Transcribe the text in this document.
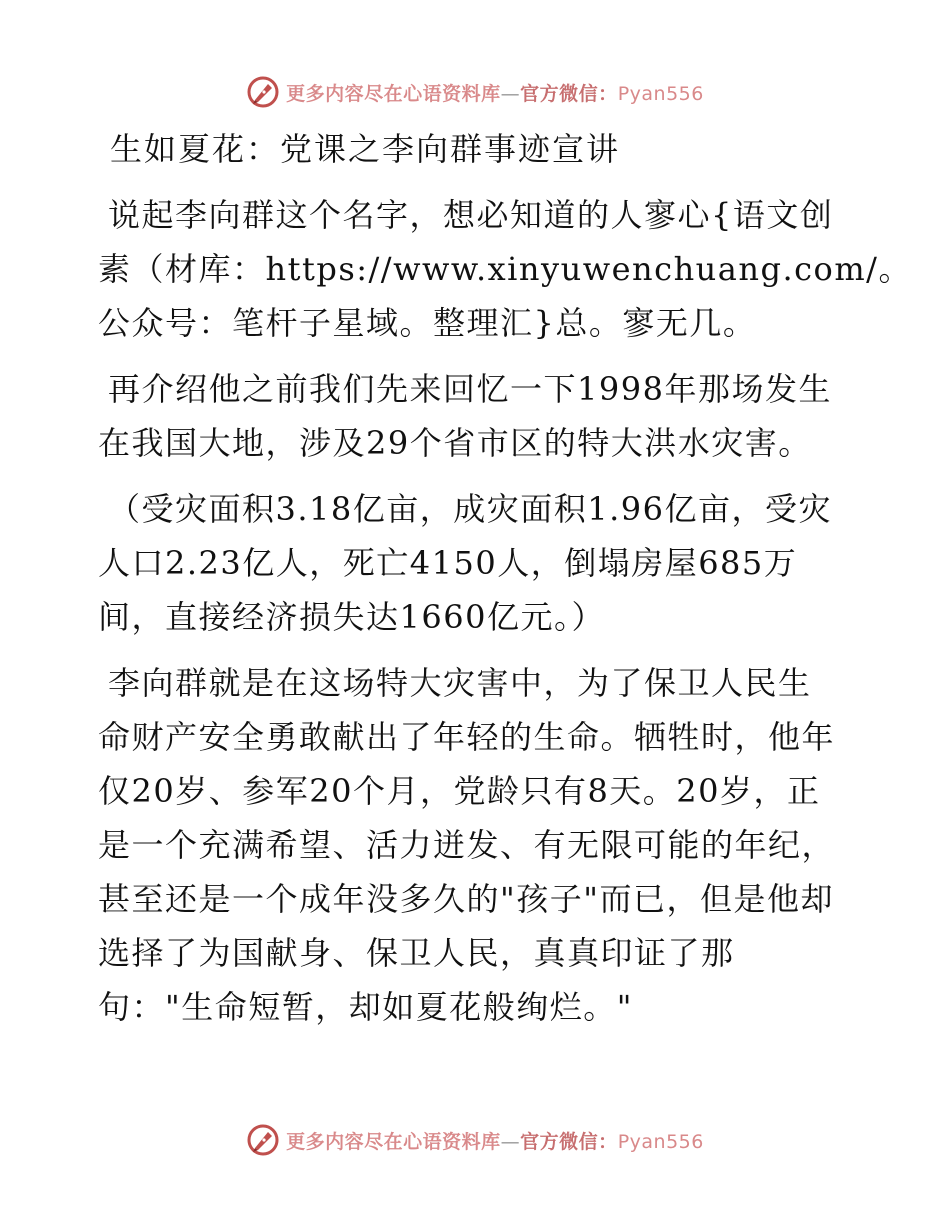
更多内容尽在心语资料库—官方微信：Pyan556
生如夏花：党课之李向群事迹宣讲
说起李向群这个名字，想必知道的人寥心{语文创
素（材库：https://www.xinyuwenchuang.com/。
公众号：笔杆子星域。整理汇}总。寥无几。
再介绍他之前我们先来回忆一下1998年那场发生
在我国大地，涉及29个省市区的特大洪水灾害。
（受灾面积3.18亿亩，成灾面积1.96亿亩，受灾
人口2.23亿人，死亡4150人，倒塌房屋685万
间，直接经济损失达1660亿元。）
李向群就是在这场特大灾害中，为了保卫人民生
命财产安全勇敢献出了年轻的生命。牺牲时，他年
仅20岁、参军20个月，党龄只有8天。20岁，正
是一个充满希望、活力迸发、有无限可能的年纪，
甚至还是一个成年没多久的"孩子"而已，但是他却
选择了为国献身、保卫人民，真真印证了那
句："生命短暂，却如夏花般绚烂。"
更多内容尽在心语资料库—官方微信：Pyan556
